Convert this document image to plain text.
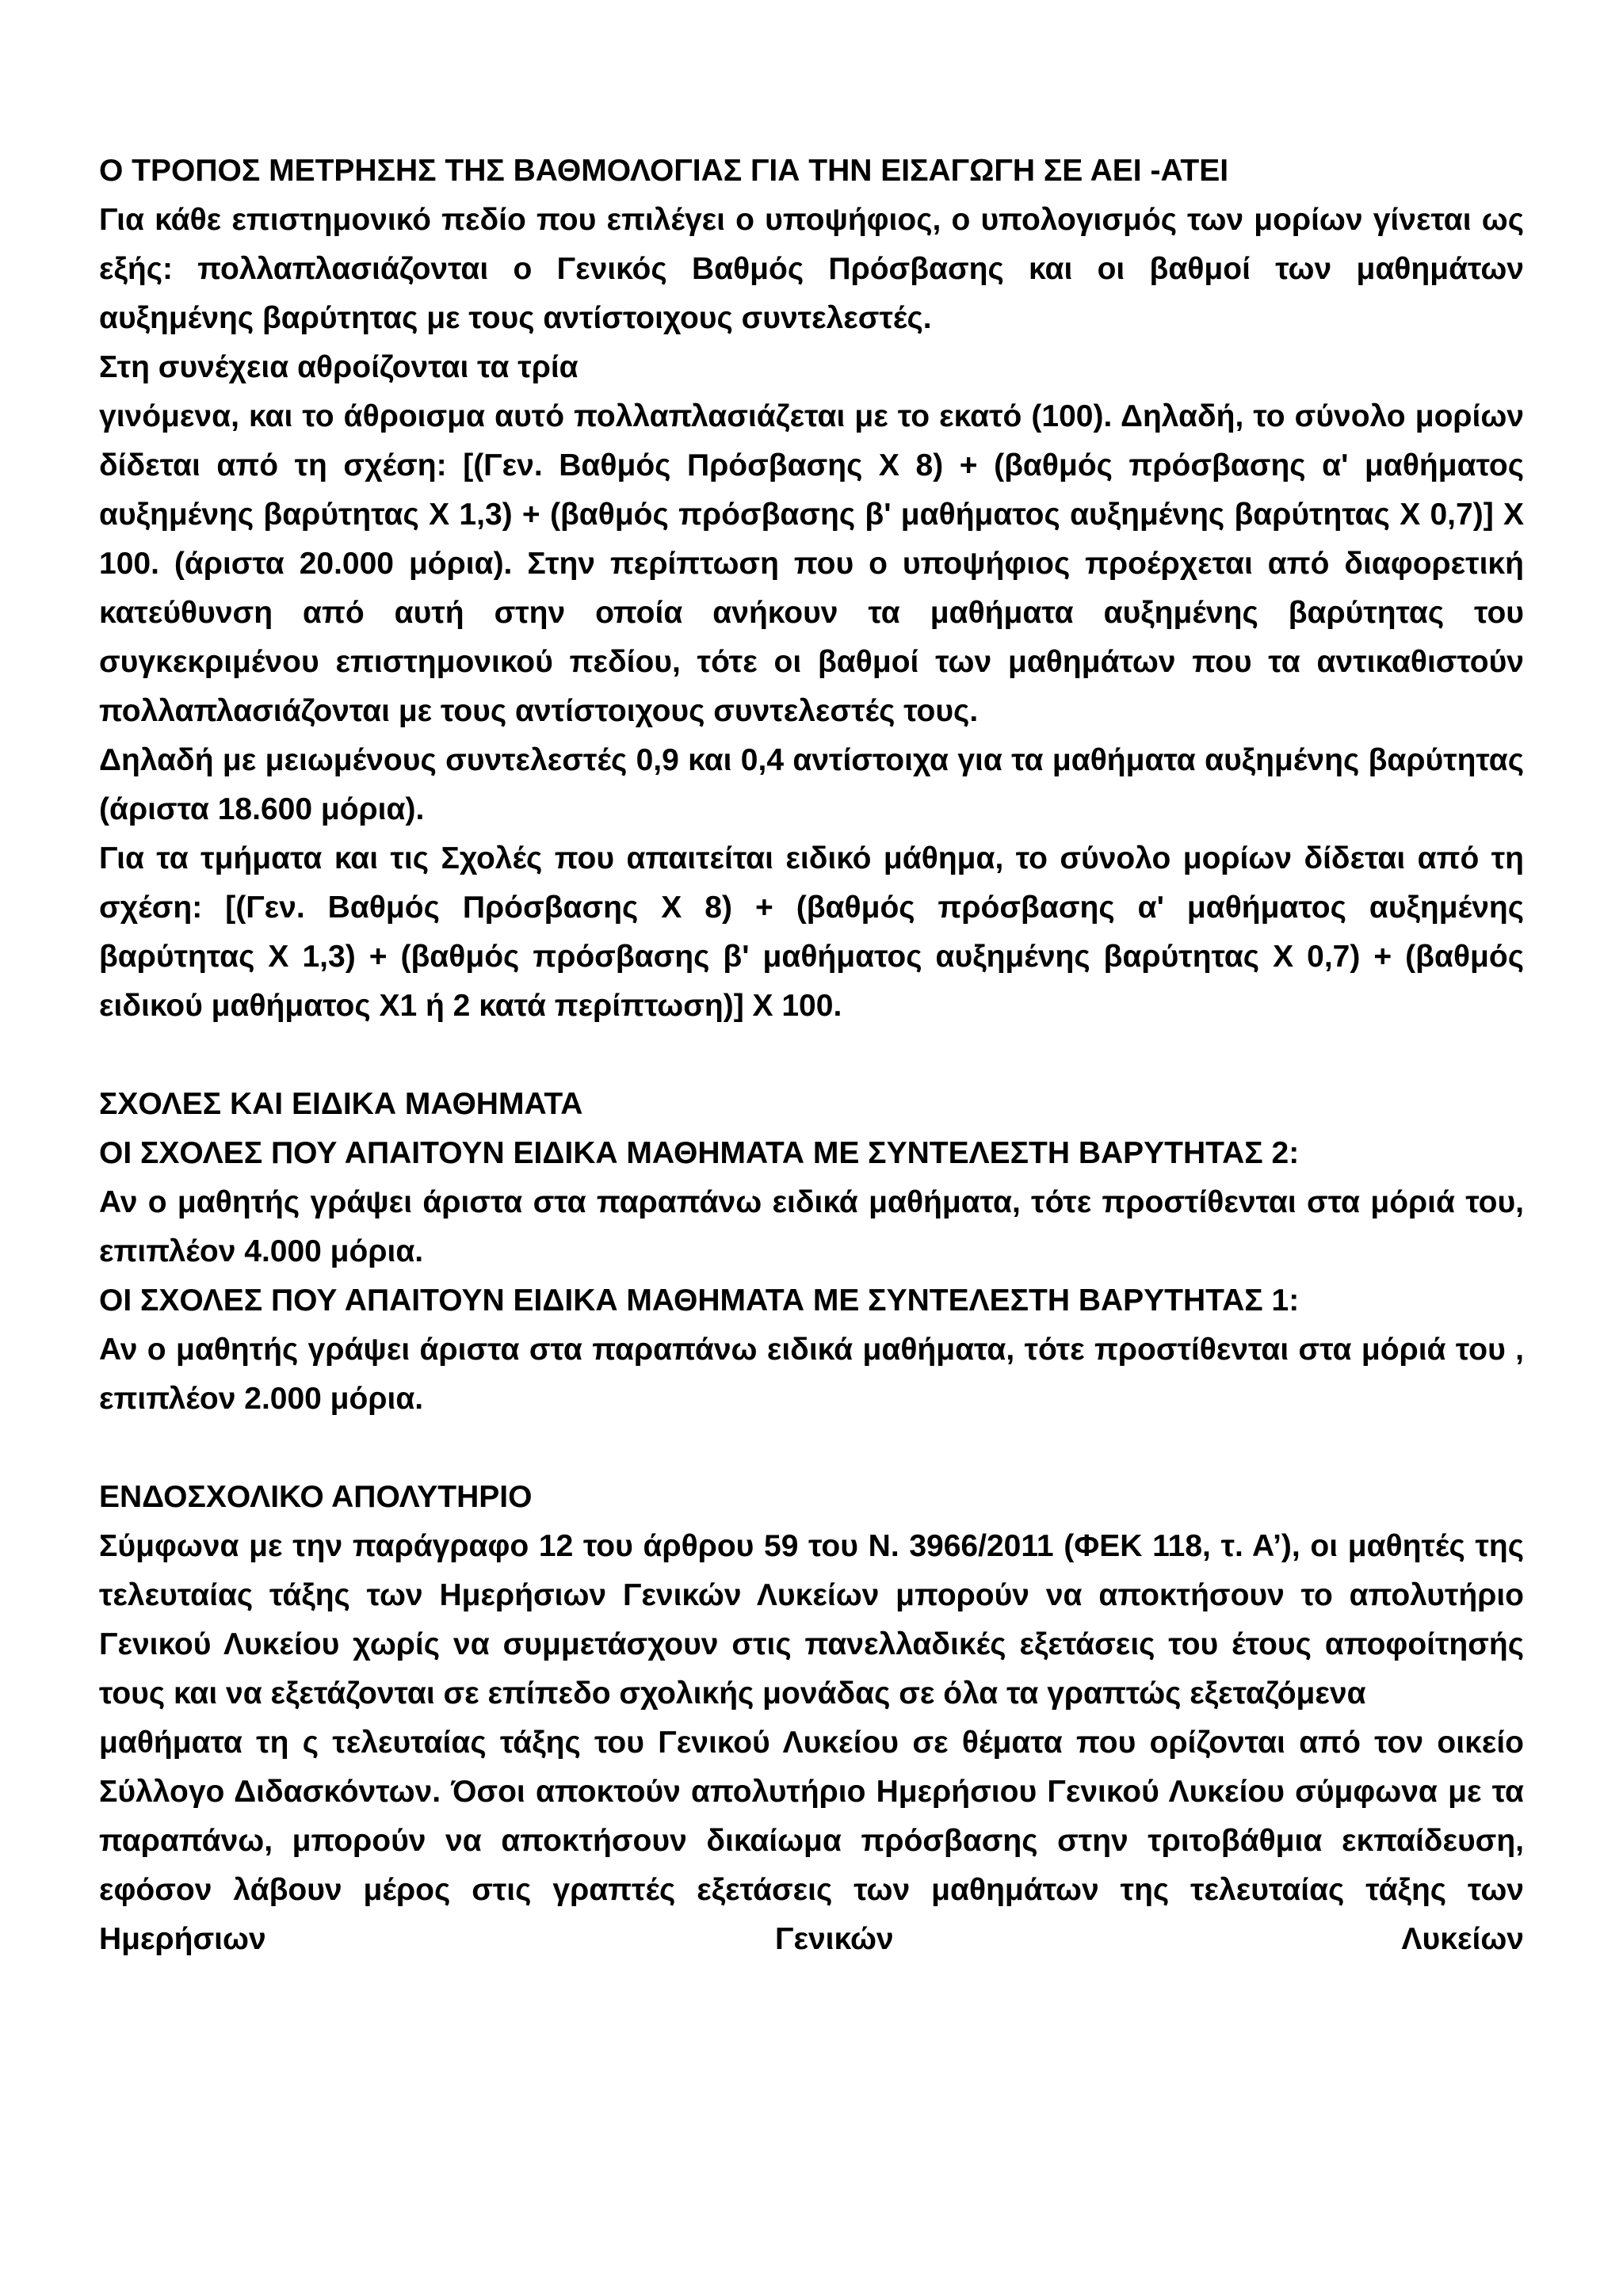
Ο ΤΡΟΠΟΣ ΜΕΤΡΗΣΗΣ ΤΗΣ ΒΑΘΜΟΛΟΓΙΑΣ ΓΙΑ ΤΗΝ ΕΙΣΑΓΩΓΗ ΣΕ ΑΕΙ -ΑΤΕΙ

Για κάθε επιστημονικό πεδίο που επιλέγει ο υποψήφιος, ο υπολογισμός των μορίων γίνεται ως εξής: πολλαπλασιάζονται ο Γενικός Βαθμός Πρόσβασης και οι βαθμοί των μαθημάτων αυξημένης βαρύτητας με τους αντίστοιχους συντελεστές.

Στη συνέχεια αθροίζονται τα τρία

γινόμενα, και το άθροισμα αυτό πολλαπλασιάζεται με το εκατό (100). Δηλαδή, το σύνολο μορίων δίδεται από τη σχέση: [(Γεν. Βαθμός Πρόσβασης Χ 8) + (βαθμός πρόσβασης α' μαθήματος αυξημένης βαρύτητας Χ 1,3) + (βαθμός πρόσβασης β' μαθήματος αυξημένης βαρύτητας Χ 0,7)] Χ 100. (άριστα 20.000 μόρια). Στην περίπτωση που ο υποψήφιος προέρχεται από διαφορετική κατεύθυνση από αυτή στην οποία ανήκουν τα μαθήματα αυξημένης βαρύτητας του συγκεκριμένου επιστημονικού πεδίου, τότε οι βαθμοί των μαθημάτων που τα αντικαθιστούν πολλαπλασιάζονται με τους αντίστοιχους συντελεστές τους.

Δηλαδή με μειωμένους συντελεστές 0,9 και 0,4 αντίστοιχα για τα μαθήματα αυξημένης βαρύτητας (άριστα 18.600 μόρια).

Για τα τμήματα και τις Σχολές που απαιτείται ειδικό μάθημα, το σύνολο μορίων δίδεται από τη σχέση: [(Γεν. Βαθμός Πρόσβασης Χ 8) + (βαθμός πρόσβασης α' μαθήματος αυξημένης βαρύτητας Χ 1,3) + (βαθμός πρόσβασης β' μαθήματος αυξημένης βαρύτητας Χ 0,7) + (βαθμός ειδικού μαθήματος Χ1 ή 2 κατά περίπτωση)] Χ 100.

ΣΧΟΛΕΣ ΚΑΙ ΕΙΔΙΚΑ ΜΑΘΗΜΑΤΑ

ΟΙ ΣΧΟΛΕΣ ΠΟΥ ΑΠΑΙΤΟΥΝ ΕΙΔΙΚΑ ΜΑΘΗΜΑΤΑ ΜΕ ΣΥΝΤΕΛΕΣΤΗ ΒΑΡΥΤΗΤΑΣ 2:

Αν ο μαθητής γράψει άριστα στα παραπάνω ειδικά μαθήματα, τότε προστίθενται στα μόριά του, επιπλέον 4.000 μόρια.

ΟΙ ΣΧΟΛΕΣ ΠΟΥ ΑΠΑΙΤΟΥΝ ΕΙΔΙΚΑ ΜΑΘΗΜΑΤΑ ΜΕ ΣΥΝΤΕΛΕΣΤΗ ΒΑΡΥΤΗΤΑΣ 1:

Αν ο μαθητής γράψει άριστα στα παραπάνω ειδικά μαθήματα, τότε προστίθενται στα μόριά του , επιπλέον 2.000 μόρια.

ΕΝΔΟΣΧΟΛΙΚΟ ΑΠΟΛΥΤΗΡΙΟ

Σύμφωνα με την παράγραφο 12 του άρθρου 59 του Ν. 3966/2011 (ΦΕΚ 118, τ. Α’), οι μαθητές της τελευταίας τάξης των Ημερήσιων Γενικών Λυκείων μπορούν να αποκτήσουν το απολυτήριο Γενικού Λυκείου χωρίς να συμμετάσχουν στις πανελλαδικές εξετάσεις του έτους αποφοίτησής τους και να εξετάζονται σε επίπεδο σχολικής μονάδας σε όλα τα γραπτώς εξεταζόμενα

μαθήματα τη ς τελευταίας τάξης του Γενικού Λυκείου σε θέματα που ορίζονται από τον οικείο Σύλλογο Διδασκόντων. Όσοι αποκτούν απολυτήριο Ημερήσιου Γενικού Λυκείου σύμφωνα με τα παραπάνω, μπορούν να αποκτήσουν δικαίωμα πρόσβασης στην τριτοβάθμια εκπαίδευση, εφόσον λάβουν μέρος στις γραπτές εξετάσεις των μαθημάτων της τελευταίας τάξης των Ημερήσιων Γενικών Λυκείων
